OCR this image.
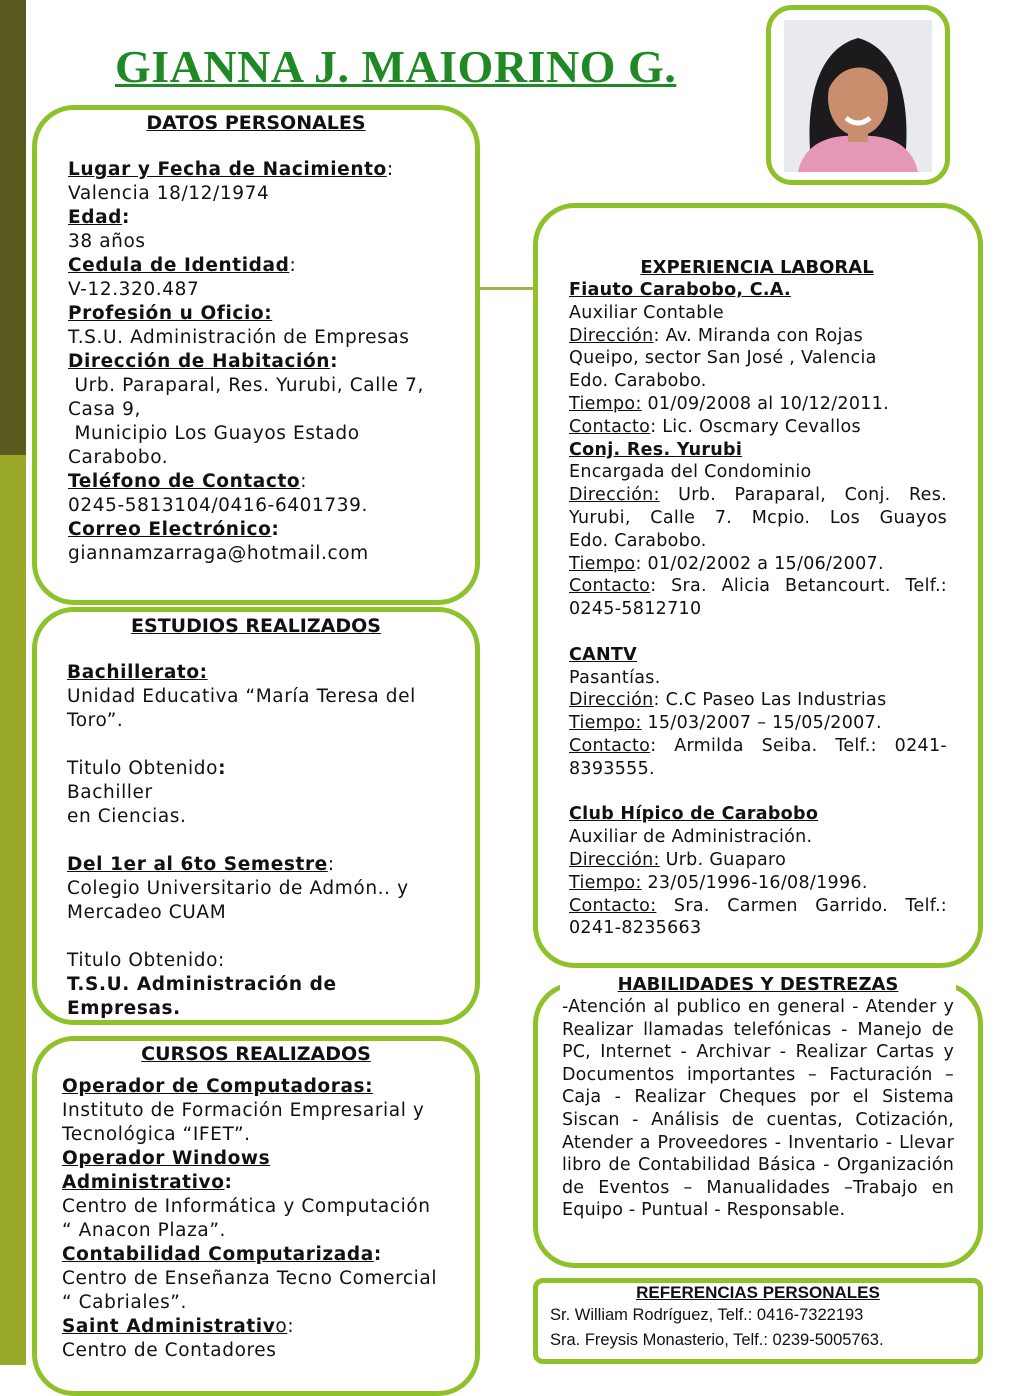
GIANNA J. MAIORINO G.
DATOS PERSONALES
Lugar y Fecha de Nacimiento:
Valencia 18/12/1974
Edad:
38 años
Cedula de Identidad:
V-12.320.487
Profesión u Oficio:
T.S.U. Administración de Empresas
Dirección de Habitación:
Urb. Paraparal, Res. Yurubi, Calle 7,
Casa 9,
Municipio Los Guayos Estado
Carabobo.
Teléfono de Contacto:
0245-5813104/0416-6401739.
Correo Electrónico:
giannamzarraga@hotmail.com
ESTUDIOS REALIZADOS
Bachillerato:
Unidad Educativa “María Teresa del
Toro”.
Titulo Obtenido:
Bachiller
en Ciencias.
Del 1er al 6to Semestre:
Colegio Universitario de Admón.. y
Mercadeo CUAM
Titulo Obtenido:
T.S.U. Administración de
Empresas.
CURSOS REALIZADOS
Operador de Computadoras:
Instituto de Formación Empresarial y
Tecnológica “IFET”.
Operador Windows
Administrativo:
Centro de Informática y Computación
“ Anacon Plaza”.
Contabilidad Computarizada:
Centro de Enseñanza Tecno Comercial
“ Cabriales”.
Saint Administrativo:
Centro de Contadores
EXPERIENCIA LABORAL
Fiauto Carabobo, C.A.
Auxiliar Contable
Dirección: Av. Miranda con Rojas
Queipo, sector San José , Valencia
Edo. Carabobo.
Tiempo: 01/09/2008 al 10/12/2011.
Contacto: Lic. Oscmary Cevallos
Conj. Res. Yurubi
Encargada del Condominio
Dirección: Urb. Paraparal, Conj. Res.
Yurubi, Calle 7. Mcpio. Los Guayos
Edo. Carabobo.
Tiempo: 01/02/2002 a 15/06/2007.
Contacto: Sra. Alicia Betancourt. Telf.:
0245-5812710
CANTV
Pasantías.
Dirección: C.C Paseo Las Industrias
Tiempo: 15/03/2007 – 15/05/2007.
Contacto: Armilda Seiba. Telf.: 0241-
8393555.
Club Hípico de Carabobo
Auxiliar de Administración.
Dirección: Urb. Guaparo
Tiempo: 23/05/1996-16/08/1996.
Contacto: Sra. Carmen Garrido. Telf.:
0241-8235663
HABILIDADES Y DESTREZAS
-Atención al publico en general - Atender y Realizar llamadas telefónicas - Manejo de PC, Internet - Archivar - Realizar Cartas y Documentos importantes – Facturación – Caja - Realizar Cheques por el Sistema Siscan - Análisis de cuentas, Cotización, Atender a Proveedores - Inventario - Llevar libro de Contabilidad Básica - Organización de Eventos – Manualidades –Trabajo en Equipo - Puntual - Responsable.
REFERENCIAS PERSONALES
Sr. William Rodríguez, Telf.: 0416-7322193
Sra. Freysis Monasterio, Telf.: 0239-5005763.
